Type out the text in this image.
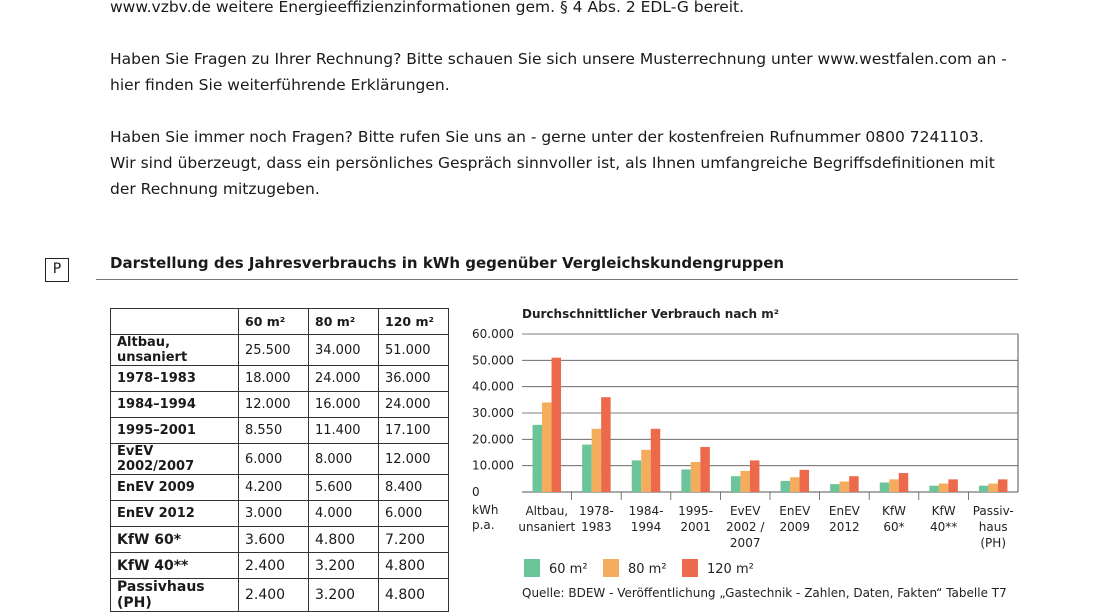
www.vzbv.de weitere Energieeffizienzinformationen gem. § 4 Abs. 2 EDL-G bereit.

Haben Sie Fragen zu Ihrer Rechnung? Bitte schauen Sie sich unsere Musterrechnung unter www.westfalen.com an - hier finden Sie weiterführende Erklärungen.

Haben Sie immer noch Fragen? Bitte rufen Sie uns an - gerne unter der kostenfreien Rufnummer 0800 7241103. Wir sind überzeugt, dass ein persönliches Gespräch sinnvoller ist, als Ihnen umfangreiche Begriffsdefinitionen mit der Rechnung mitzugeben.

P	Darstellung des Jahresverbrauchs in kWh gegenüber Vergleichskundengruppen
	60 m²	80 m²	120 m²
Altbau, unsaniert	25.500	34.000	51.000
1978–1983	18.000	24.000	36.000
1984–1994	12.000	16.000	24.000
1995–2001	8.550	11.400	17.100
EvEV 2002/2007	6.000	8.000	12.000
EnEV 2009	4.200	5.600	8.400
EnEV 2012	3.000	4.000	6.000
KfW 60*	3.600	4.800	7.200
KfW 40**	2.400	3.200	4.800
Passivhaus (PH)	2.400	3.200	4.800
Durchschnittlicher Verbrauch nach m²
0
10.000
20.000
30.000
40.000
50.000
60.000
kWh
p.a.
Altbau,
unsaniert
1978-
1983
1984-
1994
1995-
2001
EvEV
2002 /
2007
EnEV
2009
EnEV
2012
KfW
60*
KfW
40**
Passiv-
haus
(PH)
60 m²	80 m²	120 m²
Quelle: BDEW - Veröffentlichung „Gastechnik - Zahlen, Daten, Fakten“ Tabelle T7
